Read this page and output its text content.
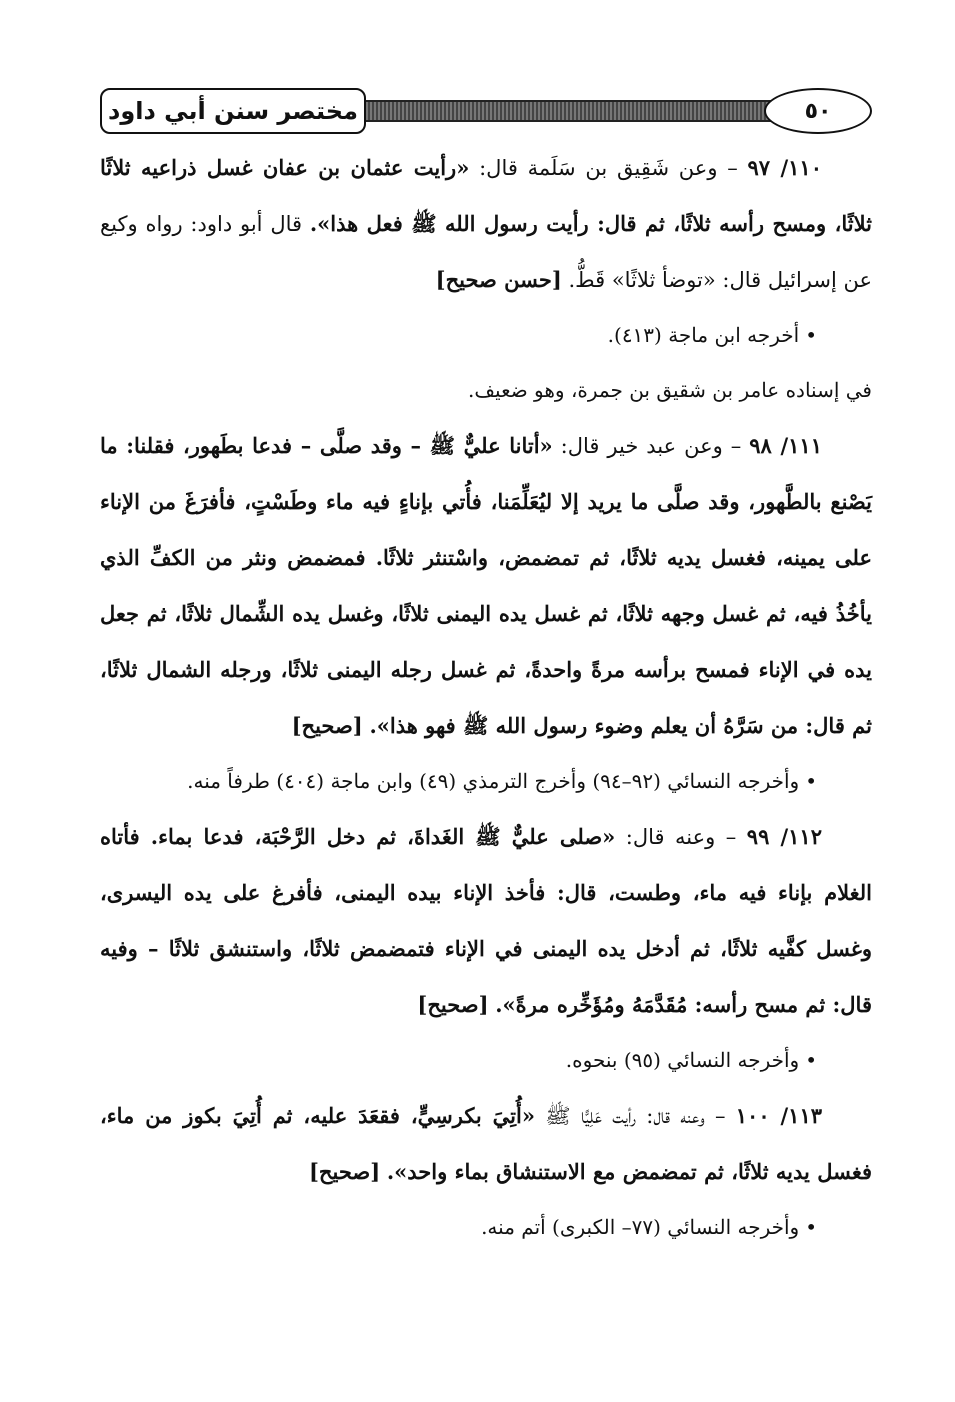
مختصر سنن أبي داود	٥٠

١١٠/ ٩٧ – وعن شَقِيق بن سَلَمة قال: «رأيت عثمان بن عفان غسل ذراعيه ثلاثًا ثلاثًا، ومسح رأسه ثلاثًا، ثم قال: رأيت رسول الله ﷺ فعل هذا». قال أبو داود: رواه وكيع عن إسرائيل قال: «توضأ ثلاثًا» قَطُّ. [حسن صحيح]

•أخرجه ابن ماجة (٤١٣).

في إسناده عامر بن شقيق بن جمرة، وهو ضعيف.

١١١/ ٩٨ – وعن عبد خير قال: «أتانا عليٌّ ﷺ – وقد صلَّى – فدعا بطَهور، فقلنا: ما يَصْنع بالطَّهور، وقد صلَّى ما يريد إلا ليُعَلِّمَنا، فأُتي بإناءٍ فيه ماء وطَسْتٍ، فأفرَغَ من الإناء على يمينه، فغسل يديه ثلاثًا، ثم تمضمض، واسْتنثر ثلاثًا. فمضمض ونثر من الكفِّ الذي يأخُذُ فيه، ثم غسل وجهه ثلاثًا، ثم غسل يده اليمنى ثلاثًا، وغسل يده الشِّمال ثلاثًا، ثم جعل يده في الإناء فمسح برأسه مرةً واحدةً، ثم غسل رجله اليمنى ثلاثًا، ورجله الشمال ثلاثًا، ثم قال: من سَرَّهُ أن يعلم وضوء رسول الله ﷺ فهو هذا». [صحيح]

•وأخرجه النسائي (٩٢–٩٤) وأخرج الترمذي (٤٩) وابن ماجة (٤٠٤) طرفاً منه.

١١٢/ ٩٩ – وعنه قال: «صلى عليٌّ ﷺ الغَداةَ، ثم دخل الرَّحْبَة، فدعا بماء. فأتاه الغلام بإناء فيه ماء، وطست، قال: فأخذ الإناء بيده اليمنى، فأفرغ على يده اليسرى، وغسل كفَّيه ثلاثًا، ثم أدخل يده اليمنى في الإناء فتمضمض ثلاثًا، واستنشق ثلاثًا – وفيه قال: ثم مسح رأسه: مُقَدَّمَهُ ومُؤَخِّره مرةً». [صحيح]

•وأخرجه النسائي (٩٥) بنحوه.

١١٣/ ١٠٠ – وعنه قال: رأيت عَلِيًّا ﷺ «أُتِيَ بكرسِيٍّ، فقعَدَ عليه، ثم أُتِيَ بكوز من ماء، فغسل يديه ثلاثًا، ثم تمضمض مع الاستنشاق بماء واحد». [صحيح]

•وأخرجه النسائي (٧٧– الكبرى) أتم منه.
